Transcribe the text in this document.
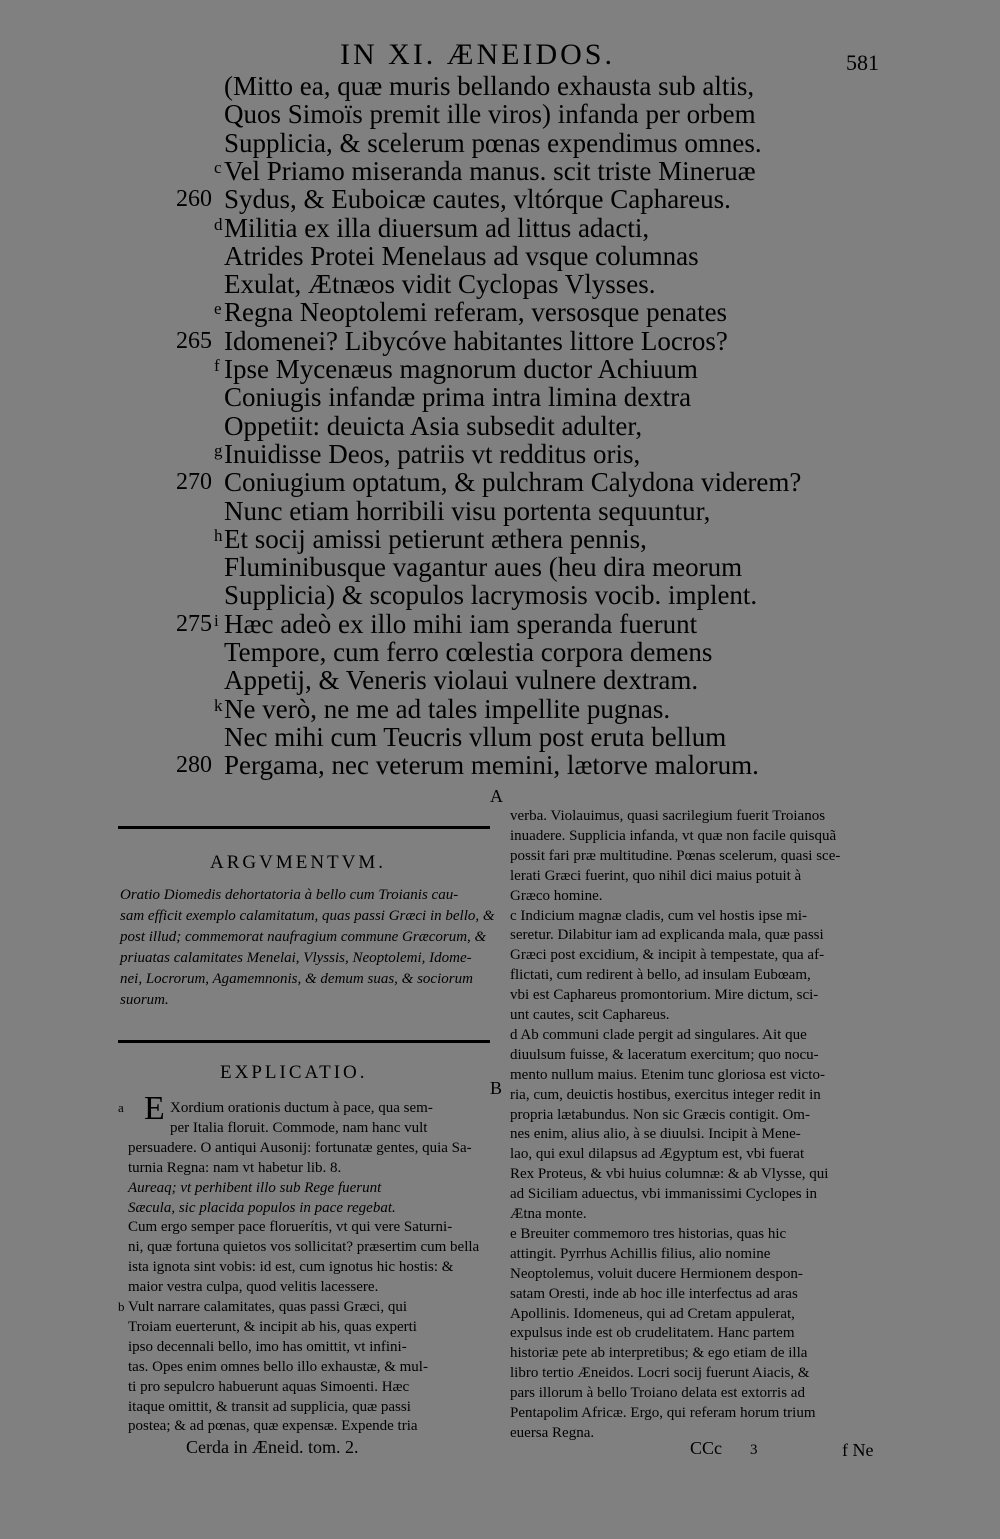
IN XI. ÆNEIDOS.	581
(Mitto ea, quæ muris bellando exhausta sub altis,
Quos Simoïs premit ille viros) infanda per orbem
Supplicia, & scelerum pœnas expendimus omnes.
c Vel Priamo miseranda manus. scit triste Mineruæ
260 Sydus, & Euboicæ cautes, vltórque Caphareus.
d Militia ex illa diuersum ad littus adacti,
Atrides Protei Menelaus ad vsque columnas
Exulat, Ætnæos vidit Cyclopas Vlysses.
e Regna Neoptolemi referam, versosque penates
265 Idomenei? Libycóve habitantes littore Locros?
f Ipse Mycenæus magnorum ductor Achiuum
Coniugis infandæ prima intra limina dextra
Oppetiit: deuicta Asia subsedit adulter,
g Inuidisse Deos, patriis vt redditus oris,
270 Coniugium optatum, & pulchram Calydona viderem?
Nunc etiam horribili visu portenta sequuntur,
h Et socij amissi petierunt æthera pennis,
Fluminibusque vagantur aues (heu dira meorum
Supplicia) & scopulos lacrymosis vocib. implent.
275 i Hæc adeò ex illo mihi iam speranda fuerunt
Tempore, cum ferro cœlestia corpora demens
Appetij, & Veneris violaui vulnere dextram.
k Ne verò, ne me ad tales impellite pugnas.
Nec mihi cum Teucris vllum post eruta bellum
280 Pergama, nec veterum memini, lætorve malorum.
ARGVMENTVM.
Oratio Diomedis dehortatoria à bello cum Troianis cau-
sam efficit exemplo calamitatum, quas passi Græci in bello, &
post illud; commemorat naufragium commune Græcorum, &
priuatas calamitates Menelai, Vlyssis, Neoptolemi, Idome-
nei, Locrorum, Agamemnonis, & demum suas, & sociorum
suorum.
EXPLICATIO.
E
a	Xordium orationis ductum à pace, qua sem-
per Italia floruit. Commode, nam hanc vult
persuadere. O antiqui Ausonij: fortunatæ gentes, quia Sa-
turnia Regna: nam vt habetur lib. 8.
Aureaq; vt perhibent illo sub Rege fuerunt
Sæcula, sic placida populos in pace regebat.
Cum ergo semper pace floruerítis, vt qui vere Saturni-
ni, quæ fortuna quietos vos sollicitat? præsertim cum bella
ista ignota sint vobis: id est, cum ignotus hic hostis: &
maior vestra culpa, quod velitis lacessere.
b Vult narrare calamitates, quas passi Græci, qui
Troiam euerterunt, & incipit ab his, quas experti
ipso decennali bello, imo has omittit, vt infini-
tas. Opes enim omnes bello illo exhaustæ, & mul-
ti pro sepulcro habuerunt aquas Simoenti. Hæc
itaque omittit, & transit ad supplicia, quæ passi
postea; & ad pœnas, quæ expensæ. Expende tria
Cerda in Æneid. tom. 2.
A
B
verba. Violauimus, quasi sacrilegium fuerit Troianos
inuadere. Supplicia infanda, vt quæ non facile quisquã
possit fari præ multitudine. Pœnas scelerum, quasi sce-
lerati Græci fuerint, quo nihil dici maius potuit à
Græco homine.
c Indicium magnæ cladis, cum vel hostis ipse mi-
seretur. Dilabitur iam ad explicanda mala, quæ passi
Græci post excidium, & incipit à tempestate, qua af-
flictati, cum redirent à bello, ad insulam Eubœam,
vbi est Caphareus promontorium. Mire dictum, sci-
unt cautes, scit Caphareus.
d Ab communi clade pergit ad singulares. Ait que
diuulsum fuisse, & laceratum exercitum; quo nocu-
mento nullum maius. Etenim tunc gloriosa est victo-
ria, cum, deuictis hostibus, exercitus integer redit in
propria lætabundus. Non sic Græcis contigit. Om-
nes enim, alius alio, à se diuulsi. Incipit à Mene-
lao, qui exul dilapsus ad Ægyptum est, vbi fuerat
Rex Proteus, & vbi huius columnæ: & ab Vlysse, qui
ad Siciliam aduectus, vbi immanissimi Cyclopes in
Ætna monte.
e Breuiter commemoro tres historias, quas hic
attingit. Pyrrhus Achillis filius, alio nomine
Neoptolemus, voluit ducere Hermionem despon-
satam Oresti, inde ab hoc ille interfectus ad aras
Apollinis. Idomeneus, qui ad Cretam appulerat,
expulsus inde est ob crudelitatem. Hanc partem
historiæ pete ab interpretibus; & ego etiam de illa
libro tertio Æneidos. Locri socij fuerunt Aiacis, &
pars illorum à bello Troiano delata est extorris ad
Pentapolim Africæ. Ergo, qui referam horum trium
euersa Regna.
CCc 3	f Ne
